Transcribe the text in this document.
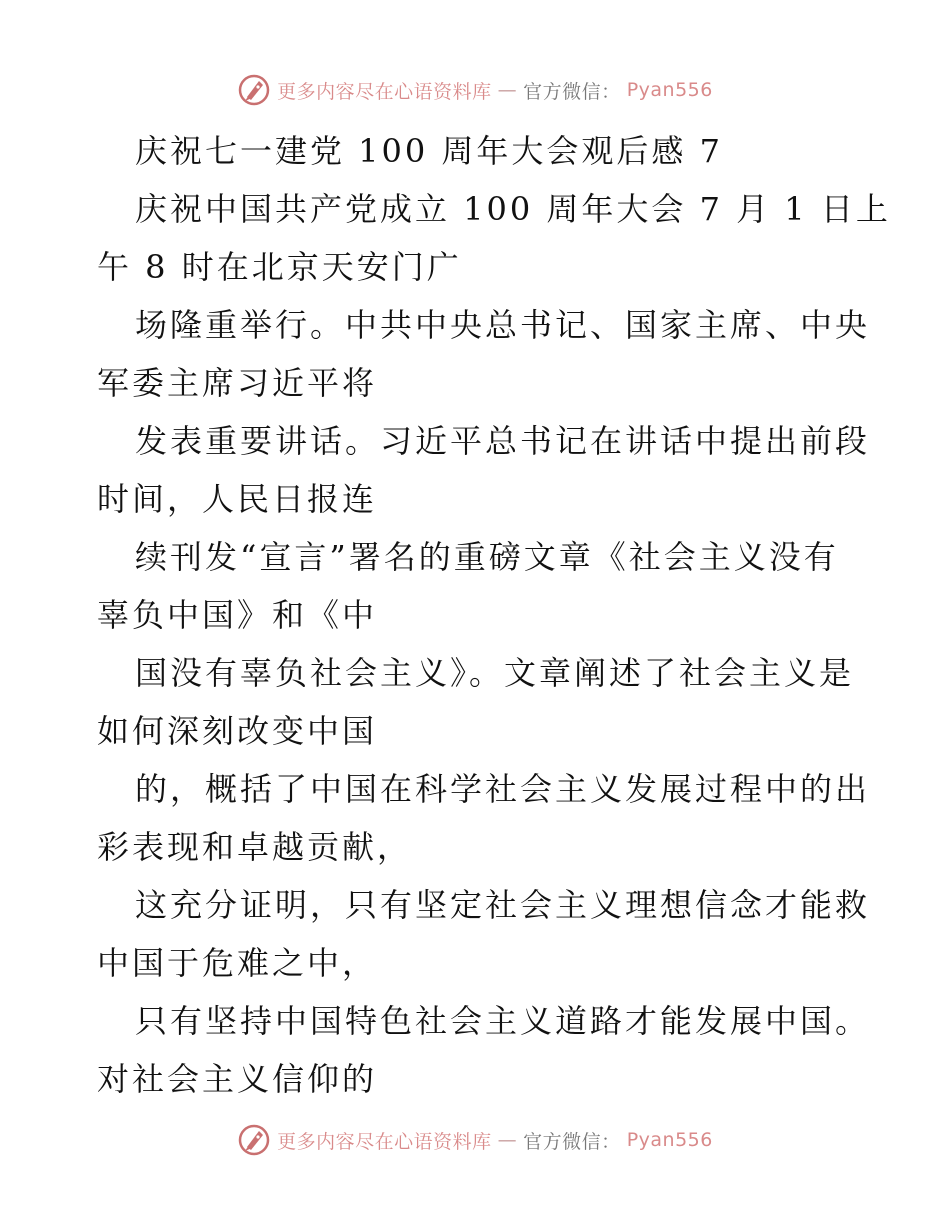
更多内容尽在心语资料库 — 官方微信： Pyan556
庆祝七一建党 100 周年大会观后感 7
庆祝中国共产党成立 100 周年大会 7 月 1 日上
午 8 时在北京天安门广
场隆重举行。中共中央总书记、国家主席、中央
军委主席习近平将
发表重要讲话。习近平总书记在讲话中提出前段
时间，人民日报连
续刊发“宣言”署名的重磅文章《社会主义没有
辜负中国》和《中
国没有辜负社会主义》。文章阐述了社会主义是
如何深刻改变中国
的，概括了中国在科学社会主义发展过程中的出
彩表现和卓越贡献，
这充分证明，只有坚定社会主义理想信念才能救
中国于危难之中，
只有坚持中国特色社会主义道路才能发展中国。
对社会主义信仰的
更多内容尽在心语资料库 — 官方微信： Pyan556
